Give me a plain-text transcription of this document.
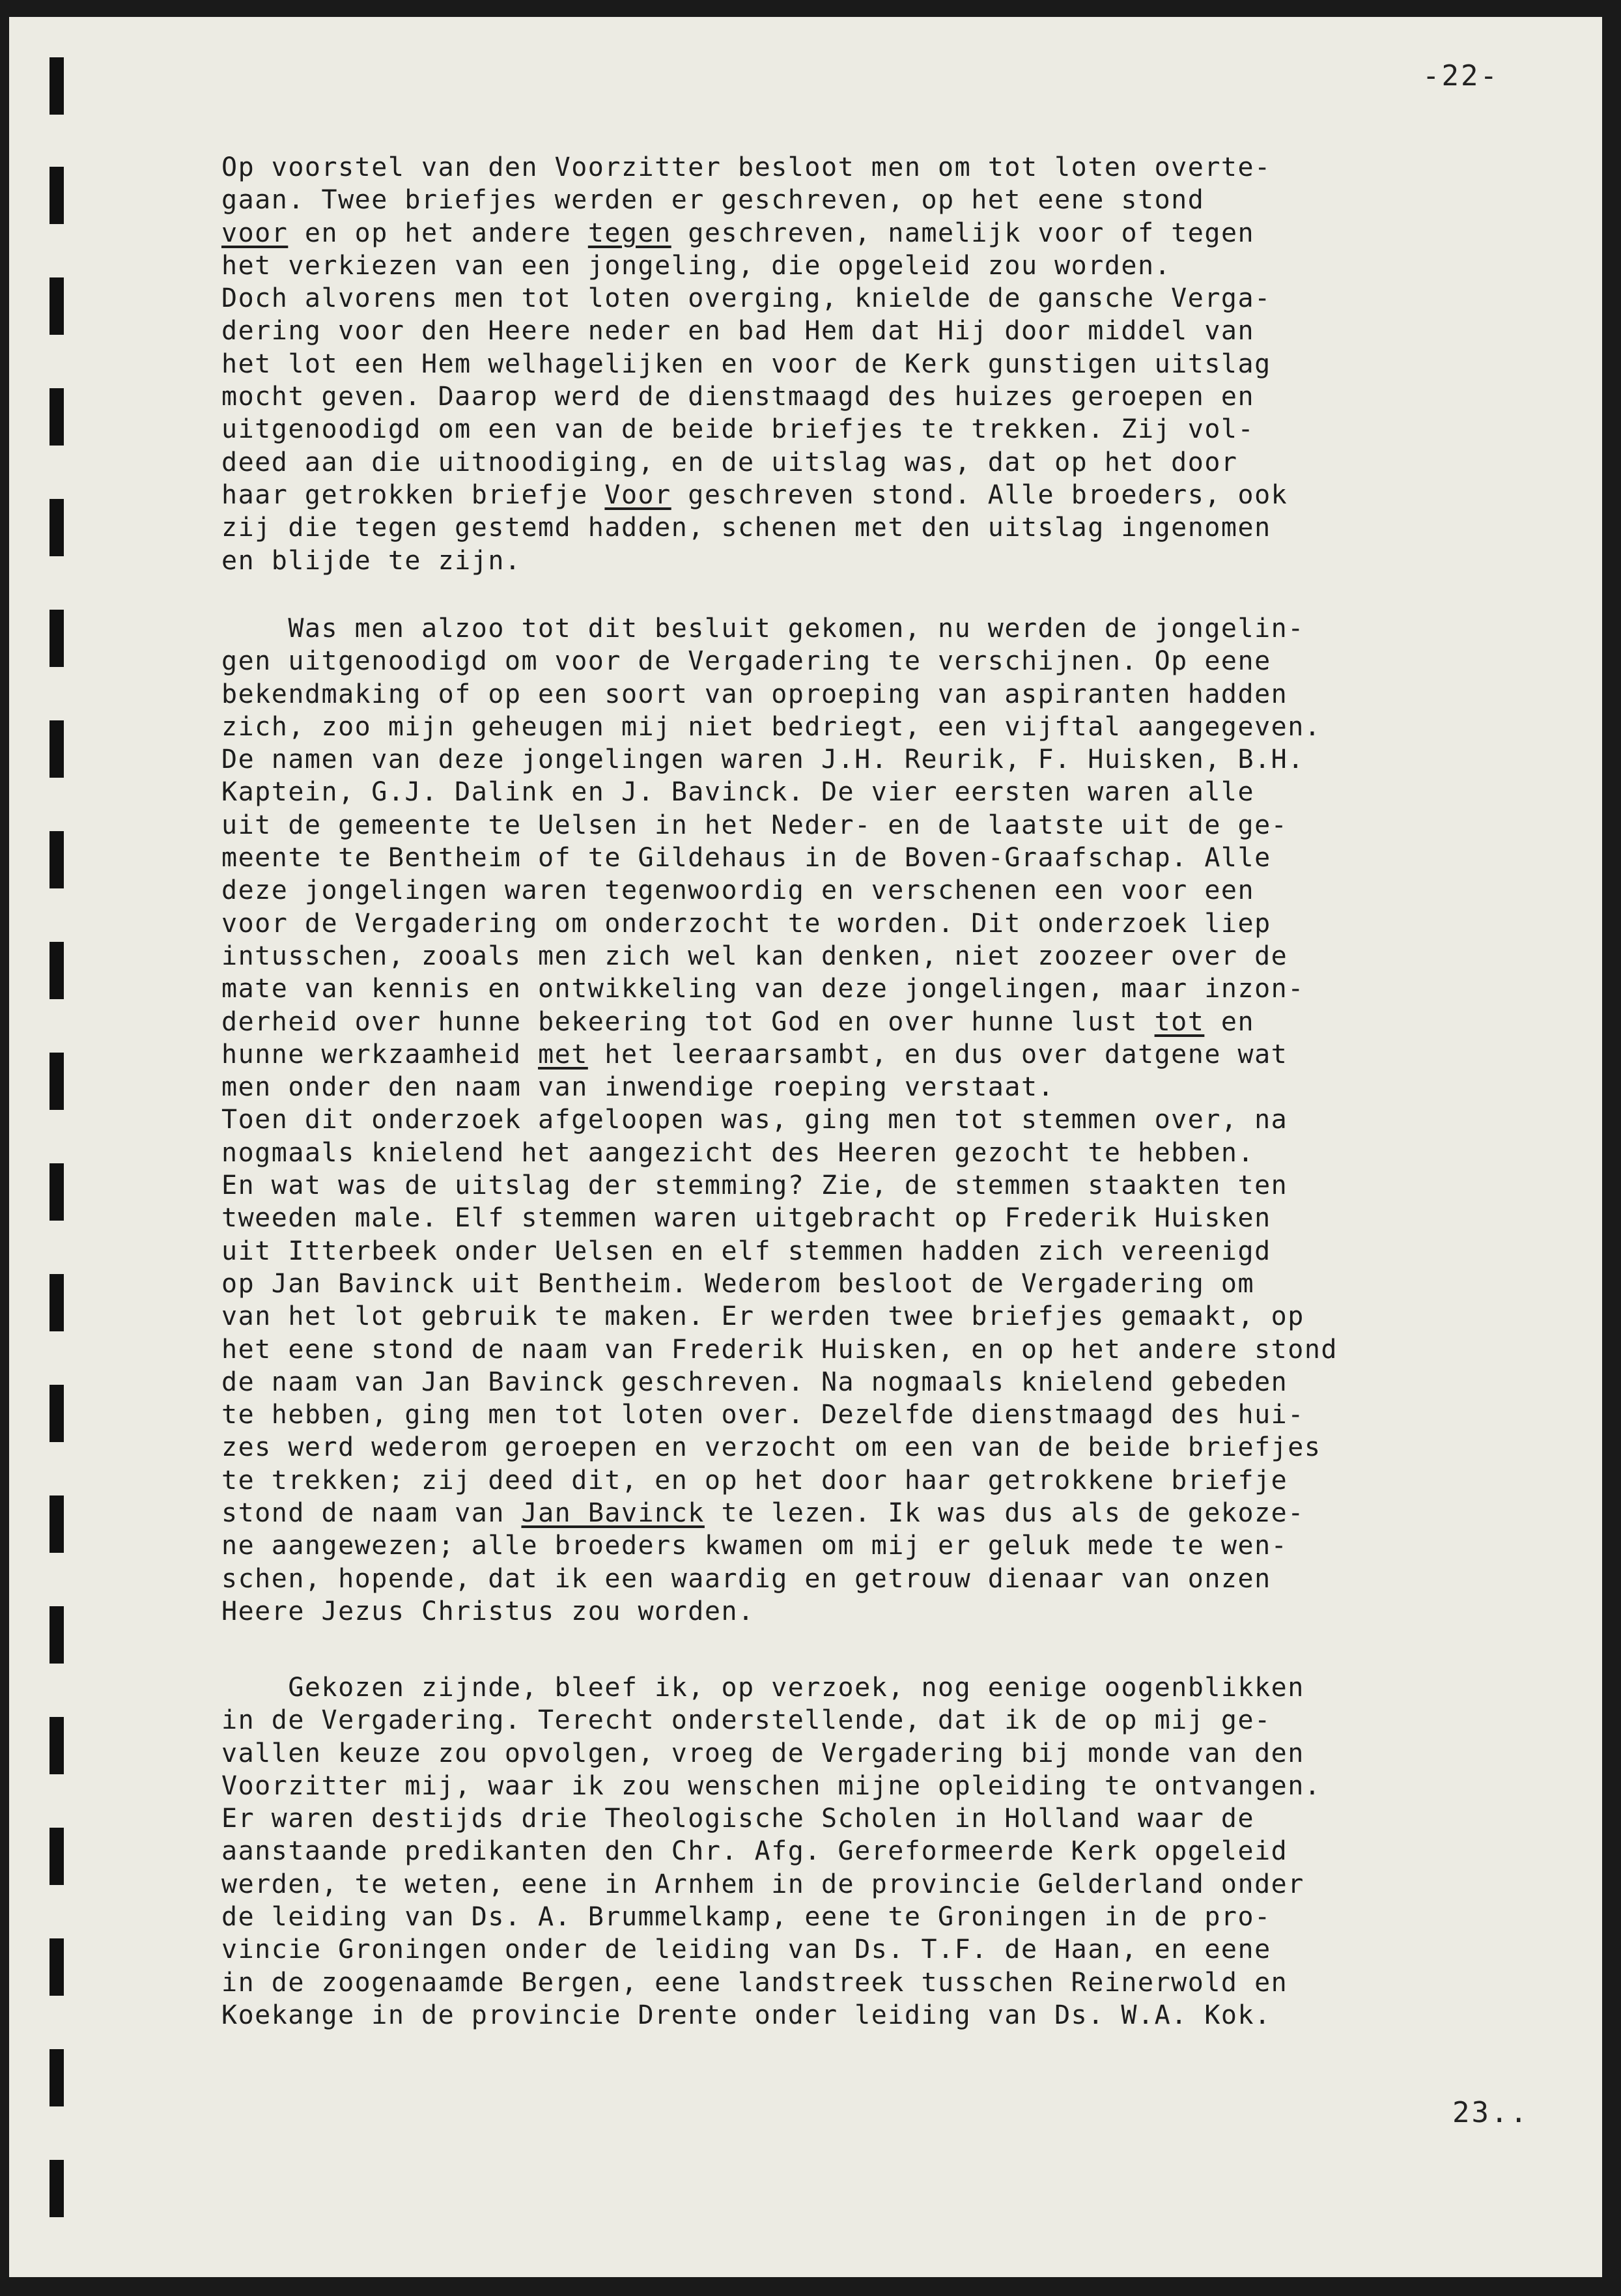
-22-
Op voorstel van den Voorzitter besloot men om tot loten overte-
gaan. Twee briefjes werden er geschreven, op het eene stond
voor en op het andere tegen geschreven, namelijk voor of tegen
het verkiezen van een jongeling, die opgeleid zou worden.
Doch alvorens men tot loten overging, knielde de gansche Verga-
dering voor den Heere neder en bad Hem dat Hij door middel van
het lot een Hem welhagelijken en voor de Kerk gunstigen uitslag
mocht geven. Daarop werd de dienstmaagd des huizes geroepen en
uitgenoodigd om een van de beide briefjes te trekken. Zij vol-
deed aan die uitnoodiging, en de uitslag was, dat op het door
haar getrokken briefje Voor geschreven stond. Alle broeders, ook
zij die tegen gestemd hadden, schenen met den uitslag ingenomen
en blijde te zijn.
Was men alzoo tot dit besluit gekomen, nu werden de jongelin-
gen uitgenoodigd om voor de Vergadering te verschijnen. Op eene
bekendmaking of op een soort van oproeping van aspiranten hadden
zich, zoo mijn geheugen mij niet bedriegt, een vijftal aangegeven.
De namen van deze jongelingen waren J.H. Reurik, F. Huisken, B.H.
Kaptein, G.J. Dalink en J. Bavinck. De vier eersten waren alle
uit de gemeente te Uelsen in het Neder- en de laatste uit de ge-
meente te Bentheim of te Gildehaus in de Boven-Graafschap. Alle
deze jongelingen waren tegenwoordig en verschenen een voor een
voor de Vergadering om onderzocht te worden. Dit onderzoek liep
intusschen, zooals men zich wel kan denken, niet zoozeer over de
mate van kennis en ontwikkeling van deze jongelingen, maar inzon-
derheid over hunne bekeering tot God en over hunne lust tot en
hunne werkzaamheid met het leeraarsambt, en dus over datgene wat
men onder den naam van inwendige roeping verstaat.
Toen dit onderzoek afgeloopen was, ging men tot stemmen over, na
nogmaals knielend het aangezicht des Heeren gezocht te hebben.
En wat was de uitslag der stemming? Zie, de stemmen staakten ten
tweeden male. Elf stemmen waren uitgebracht op Frederik Huisken
uit Itterbeek onder Uelsen en elf stemmen hadden zich vereenigd
op Jan Bavinck uit Bentheim. Wederom besloot de Vergadering om
van het lot gebruik te maken. Er werden twee briefjes gemaakt, op
het eene stond de naam van Frederik Huisken, en op het andere stond
de naam van Jan Bavinck geschreven. Na nogmaals knielend gebeden
te hebben, ging men tot loten over. Dezelfde dienstmaagd des hui-
zes werd wederom geroepen en verzocht om een van de beide briefjes
te trekken; zij deed dit, en op het door haar getrokkene briefje
stond de naam van Jan Bavinck te lezen. Ik was dus als de gekoze-
ne aangewezen; alle broeders kwamen om mij er geluk mede te wen-
schen, hopende, dat ik een waardig en getrouw dienaar van onzen
Heere Jezus Christus zou worden.
Gekozen zijnde, bleef ik, op verzoek, nog eenige oogenblikken
in de Vergadering. Terecht onderstellende, dat ik de op mij ge-
vallen keuze zou opvolgen, vroeg de Vergadering bij monde van den
Voorzitter mij, waar ik zou wenschen mijne opleiding te ontvangen.
Er waren destijds drie Theologische Scholen in Holland waar de
aanstaande predikanten den Chr. Afg. Gereformeerde Kerk opgeleid
werden, te weten, eene in Arnhem in de provincie Gelderland onder
de leiding van Ds. A. Brummelkamp, eene te Groningen in de pro-
vincie Groningen onder de leiding van Ds. T.F. de Haan, en eene
in de zoogenaamde Bergen, eene landstreek tusschen Reinerwold en
Koekange in de provincie Drente onder leiding van Ds. W.A. Kok.
23..
